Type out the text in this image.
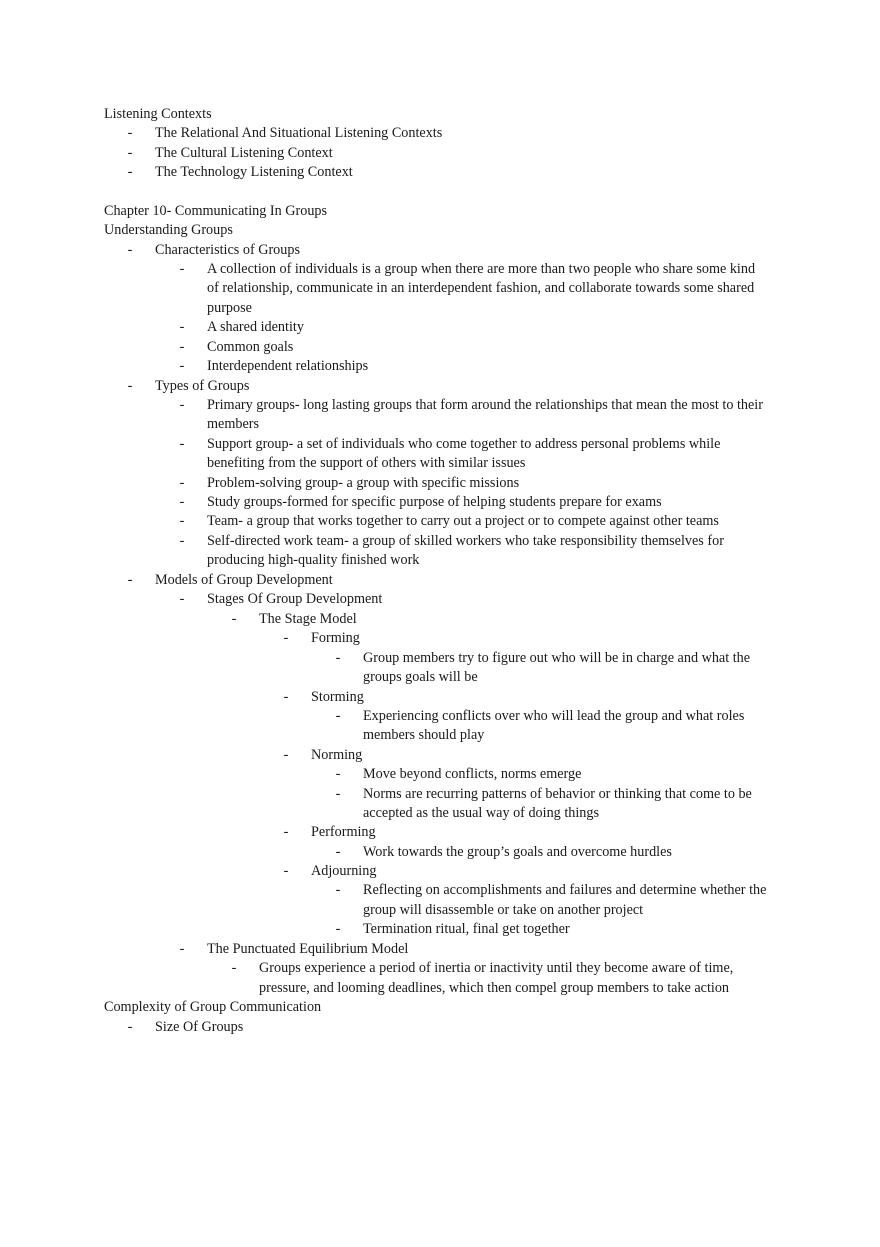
Listening Contexts
- The Relational And Situational Listening Contexts
- The Cultural Listening Context
- The Technology Listening Context
Chapter 10- Communicating In Groups
Understanding Groups
- Characteristics of Groups
- A collection of individuals is a group when there are more than two people who share some kind
of relationship, communicate in an interdependent fashion, and collaborate towards some shared
purpose
- A shared identity
- Common goals
- Interdependent relationships
- Types of Groups
- Primary groups- long lasting groups that form around the relationships that mean the most to their
members
- Support group- a set of individuals who come together to address personal problems while
benefiting from the support of others with similar issues
- Problem-solving group- a group with specific missions
- Study groups-formed for specific purpose of helping students prepare for exams
- Team- a group that works together to carry out a project or to compete against other teams
- Self-directed work team- a group of skilled workers who take responsibility themselves for
producing high-quality finished work
- Models of Group Development
- Stages Of Group Development
- The Stage Model
- Forming
- Group members try to figure out who will be in charge and what the
groups goals will be
- Storming
- Experiencing conflicts over who will lead the group and what roles
members should play
- Norming
- Move beyond conflicts, norms emerge
- Norms are recurring patterns of behavior or thinking that come to be
accepted as the usual way of doing things
- Performing
- Work towards the group’s goals and overcome hurdles
- Adjourning
- Reflecting on accomplishments and failures and determine whether the
group will disassemble or take on another project
- Termination ritual, final get together
- The Punctuated Equilibrium Model
- Groups experience a period of inertia or inactivity until they become aware of time,
pressure, and looming deadlines, which then compel group members to take action
Complexity of Group Communication
- Size Of Groups
